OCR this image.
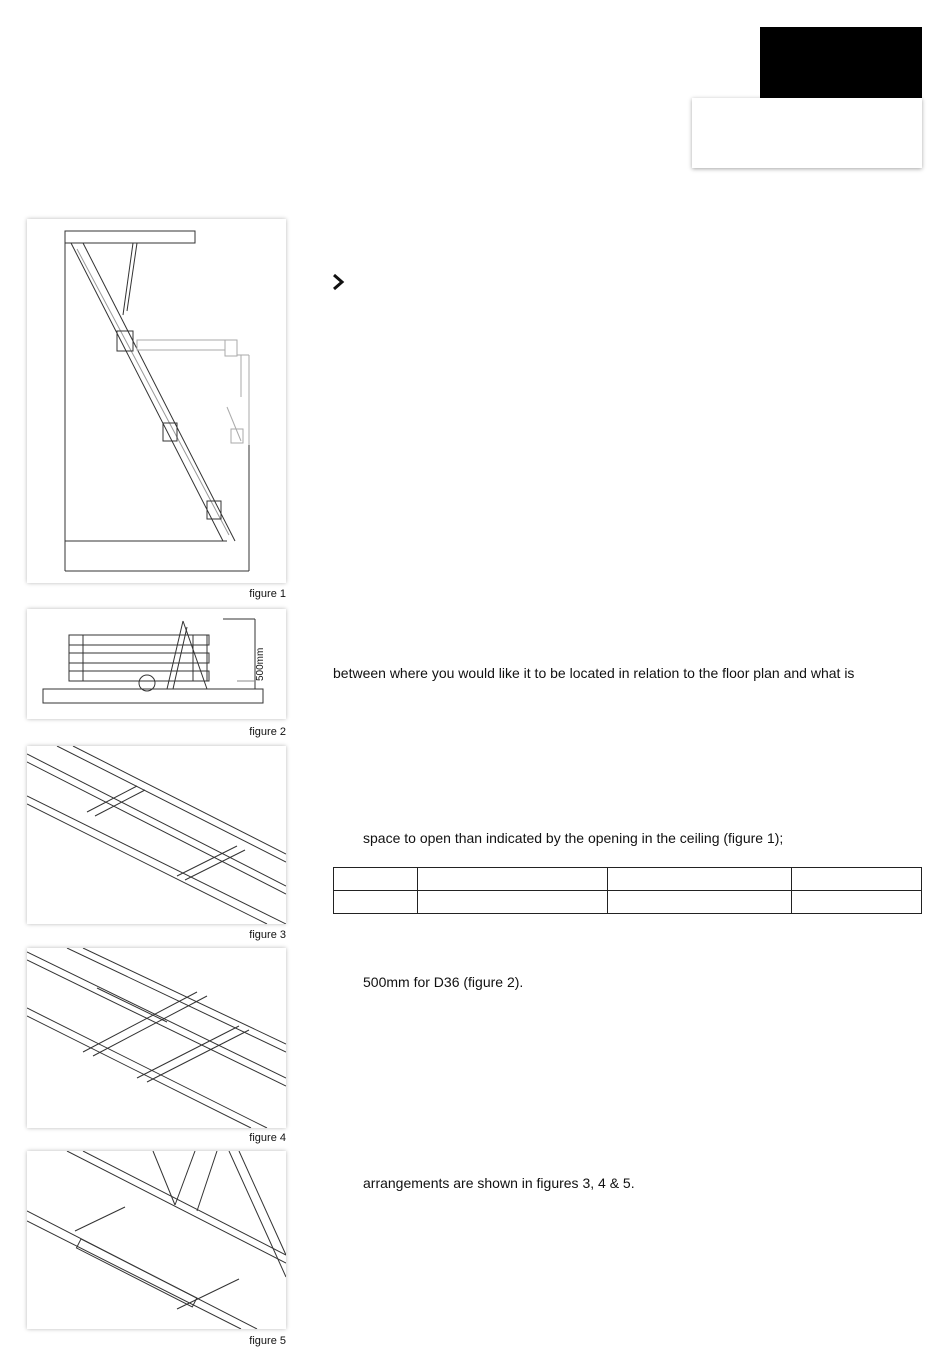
figure 1
500mm
figure 2
figure 3
figure 4
figure 5
between where you would like it to be located in relation to the floor plan and what is
space to open than indicated by the opening in the ceiling (figure 1);
500mm for D36 (figure 2).
arrangements are shown in figures 3, 4 & 5.
